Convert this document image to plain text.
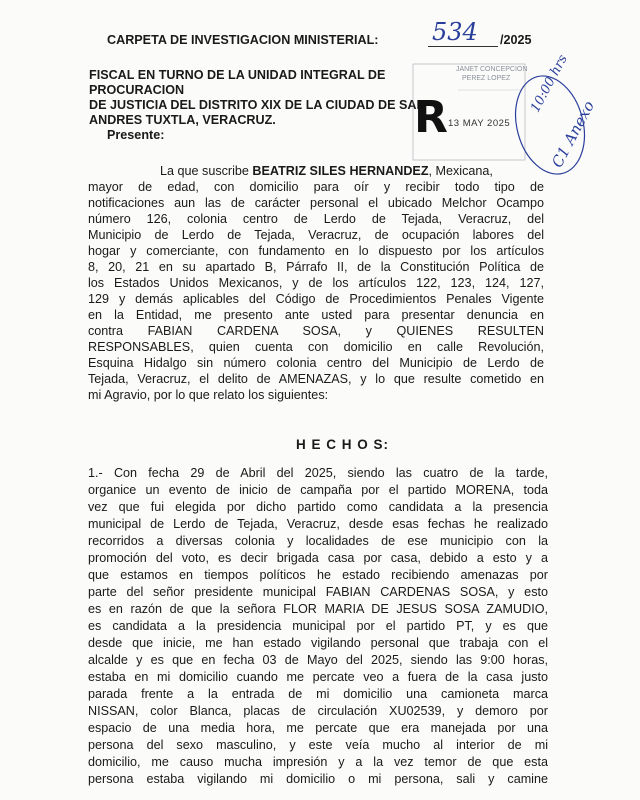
CARPETA DE INVESTIGACION MINISTERIAL: 534 /2025
FISCAL EN TURNO DE LA UNIDAD INTEGRAL DE
PROCURACION
DE JUSTICIA DEL DISTRITO XIX DE LA CIUDAD DE SAN
ANDRES TUXTLA, VERACRUZ.
Presente:
JANET CONCEPCION
PEREZ LOPEZ
R 13 MAY 2025
10:00 hrs
C1 Anexo
La que suscribe BEATRIZ SILES HERNANDEZ, Mexicana,
mayor de edad, con domicilio para oír y recibir todo tipo de
notificaciones aun las de carácter personal el ubicado Melchor Ocampo
número 126, colonia centro de Lerdo de Tejada, Veracruz, del
Municipio de Lerdo de Tejada, Veracruz, de ocupación labores del
hogar y comerciante, con fundamento en lo dispuesto por los artículos
8, 20, 21 en su apartado B, Párrafo II, de la Constitución Política de
los Estados Unidos Mexicanos, y de los artículos 122, 123, 124, 127,
129 y demás aplicables del Código de Procedimientos Penales Vigente
en la Entidad, me presento ante usted para presentar denuncia en
contra FABIAN CARDENA SOSA, y QUIENES RESULTEN
RESPONSABLES, quien cuenta con domicilio en calle Revolución,
Esquina Hidalgo sin número colonia centro del Municipio de Lerdo de
Tejada, Veracruz, el delito de AMENAZAS, y lo que resulte cometido en
mi Agravio, por lo que relato los siguientes:
H E C H O S:
1.- Con fecha 29 de Abril del 2025, siendo las cuatro de la tarde,
organice un evento de inicio de campaña por el partido MORENA, toda
vez que fui elegida por dicho partido como candidata a la presencia
municipal de Lerdo de Tejada, Veracruz, desde esas fechas he realizado
recorridos a diversas colonia y localidades de ese municipio con la
promoción del voto, es decir brigada casa por casa, debido a esto y a
que estamos en tiempos políticos he estado recibiendo amenazas por
parte del señor presidente municipal FABIAN CARDENAS SOSA, y esto
es en razón de que la señora FLOR MARIA DE JESUS SOSA ZAMUDIO,
es candidata a la presidencia municipal por el partido PT, y es que
desde que inicie, me han estado vigilando personal que trabaja con el
alcalde y es que en fecha 03 de Mayo del 2025, siendo las 9:00 horas,
estaba en mi domicilio cuando me percate veo a fuera de la casa justo
parada frente a la entrada de mi domicilio una camioneta marca
NISSAN, color Blanca, placas de circulación XU02539, y demoro por
espacio de una media hora, me percate que era manejada por una
persona del sexo masculino, y este veía mucho al interior de mi
domicilio, me causo mucha impresión y a la vez temor de que esta
persona estaba vigilando mi domicilio o mi persona, sali y camine
